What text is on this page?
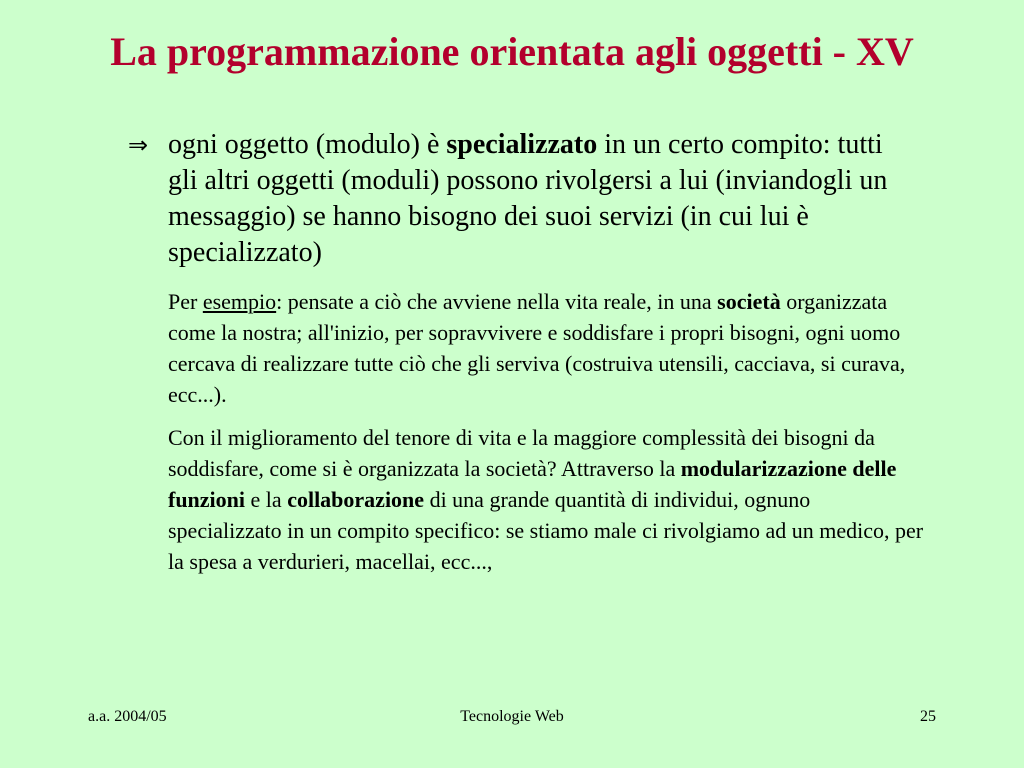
La programmazione orientata agli oggetti - XV
⇒ ogni oggetto (modulo) è specializzato in un certo compito: tutti gli altri oggetti (moduli) possono rivolgersi a lui (inviandogli un messaggio) se hanno bisogno dei suoi servizi (in cui lui è specializzato)
Per esempio: pensate a ciò che avviene nella vita reale, in una società organizzata come la nostra; all'inizio, per sopravvivere e soddisfare i propri bisogni, ogni uomo cercava di realizzare tutte ciò che gli serviva (costruiva utensili, cacciava, si curava, ecc...).
Con il miglioramento del tenore di vita e la maggiore complessità dei bisogni da soddisfare, come si è organizzata la società? Attraverso la modularizzazione delle funzioni e la collaborazione di una grande quantità di individui, ognuno specializzato in un compito specifico: se stiamo male ci rivolgiamo ad un medico, per la spesa a verdurieri, macellai, ecc...,
a.a. 2004/05	Tecnologie Web	25
